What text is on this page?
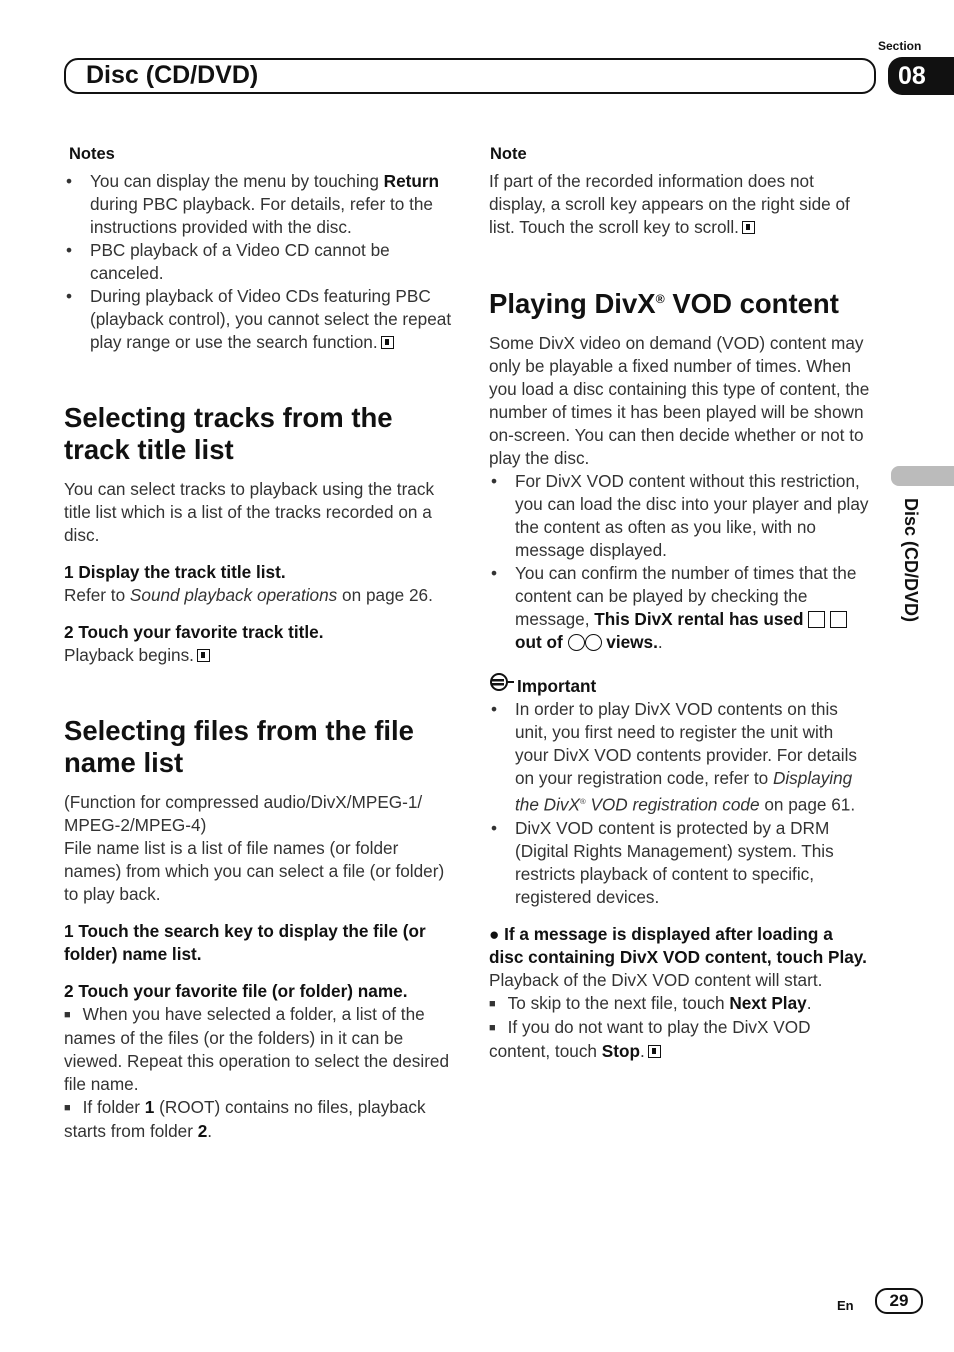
Disc (CD/DVD)
Section
08
Disc (CD/DVD)
Notes
• You can display the menu by touching Return during PBC playback. For details, refer to the instructions provided with the disc.
• PBC playback of a Video CD cannot be canceled.
• During playback of Video CDs featuring PBC (playback control), you cannot select the repeat play range or use the search function.
Selecting tracks from the track title list
You can select tracks to playback using the track title list which is a list of the tracks recorded on a disc.
1 Display the track title list.
Refer to Sound playback operations on page 26.
2 Touch your favorite track title.
Playback begins.
Selecting files from the file name list
(Function for compressed audio/DivX/MPEG-1/ MPEG-2/MPEG-4)
File name list is a list of file names (or folder names) from which you can select a file (or folder) to play back.
1 Touch the search key to display the file (or folder) name list.
2 Touch your favorite file (or folder) name.
■ When you have selected a folder, a list of the names of the files (or the folders) in it can be viewed. Repeat this operation to select the desired file name.
■ If folder 1 (ROOT) contains no files, playback starts from folder 2.
Note
If part of the recorded information does not display, a scroll key appears on the right side of list. Touch the scroll key to scroll.
Playing DivX® VOD content
Some DivX video on demand (VOD) content may only be playable a fixed number of times. When you load a disc containing this type of content, the number of times it has been played will be shown on-screen. You can then decide whether or not to play the disc.
• For DivX VOD content without this restriction, you can load the disc into your player and play the content as often as you like, with no message displayed.
• You can confirm the number of times that the content can be played by checking the message, This DivX rental has used   out of  views..
Important
• In order to play DivX VOD contents on this unit, you first need to register the unit with your DivX VOD contents provider. For details on your registration code, refer to Displaying the DivX® VOD registration code on page 61.
• DivX VOD content is protected by a DRM (Digital Rights Management) system. This restricts playback of content to specific, registered devices.
● If a message is displayed after loading a disc containing DivX VOD content, touch Play.
Playback of the DivX VOD content will start.
■ To skip to the next file, touch Next Play.
■ If you do not want to play the DivX VOD content, touch Stop.
En	29
